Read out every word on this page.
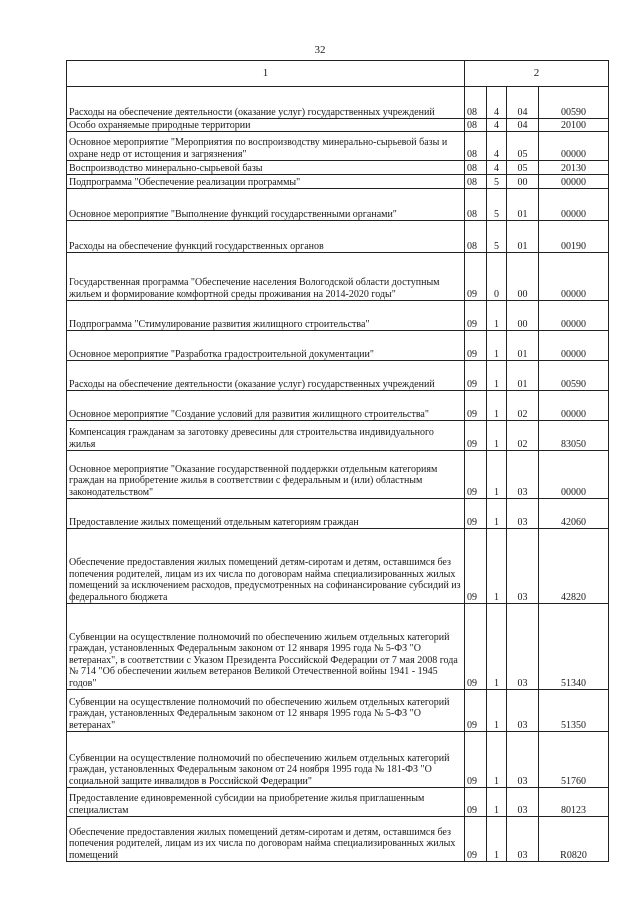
32
1	2			
Расходы на обеспечение деятельности (оказание услуг) государственных учреждений	08	4	04	00590
Особо охраняемые природные территории	08	4	04	20100
Основное мероприятие "Мероприятия по воспроизводству минерально-сырьевой базы и охране недр от истощения и загрязнения"	08	4	05	00000
Воспроизводство минерально-сырьевой базы	08	4	05	20130
Подпрограмма "Обеспечение реализации программы"	08	5	00	00000
Основное мероприятие "Выполнение функций государственными органами"	08	5	01	00000
Расходы на обеспечение функций государственных органов	08	5	01	00190
Государственная программа "Обеспечение населения Вологодской области доступным жильем и формирование комфортной среды проживания на 2014-2020 годы"	09	0	00	00000
Подпрограмма "Стимулирование развития жилищного строительства"	09	1	00	00000
Основное мероприятие "Разработка градостроительной документации"	09	1	01	00000
Расходы на обеспечение деятельности (оказание услуг) государственных учреждений	09	1	01	00590
Основное мероприятие "Создание условий для развития жилищного строительства"	09	1	02	00000
Компенсация гражданам за заготовку древесины для строительства индивидуального жилья	09	1	02	83050
Основное мероприятие "Оказание государственной поддержки отдельным категориям граждан на приобретение жилья в соответствии с федеральным и (или) областным законодательством"	09	1	03	00000
Предоставление жилых помещений отдельным категориям граждан	09	1	03	42060
Обеспечение предоставления жилых помещений детям-сиротам и детям, оставшимся без попечения родителей, лицам из их числа по договорам найма специализированных жилых помещений за исключением расходов, предусмотренных на софинансирование субсидий из федерального бюджета	09	1	03	42820
Субвенции на осуществление полномочий по обеспечению жильем отдельных категорий граждан, установленных Федеральным законом от 12 января 1995 года № 5-ФЗ "О ветеранах", в соответствии с Указом Президента Российской Федерации от 7 мая 2008 года № 714 "Об обеспечении жильем ветеранов Великой Отечественной войны 1941 - 1945 годов"	09	1	03	51340
Субвенции на осуществление полномочий по обеспечению жильем отдельных категорий граждан, установленных Федеральным законом от 12 января 1995 года № 5-ФЗ "О ветеранах"	09	1	03	51350
Субвенции на осуществление полномочий по обеспечению жильем отдельных категорий граждан, установленных Федеральным законом от 24 ноября 1995 года № 181-ФЗ "О социальной защите инвалидов в Российской Федерации"	09	1	03	51760
Предоставление единовременной субсидии на приобретение жилья приглашенным специалистам	09	1	03	80123
Обеспечение предоставления жилых помещений детям-сиротам и детям, оставшимся без попечения родителей, лицам из их числа по договорам найма специализированных жилых помещений	09	1	03	R0820
